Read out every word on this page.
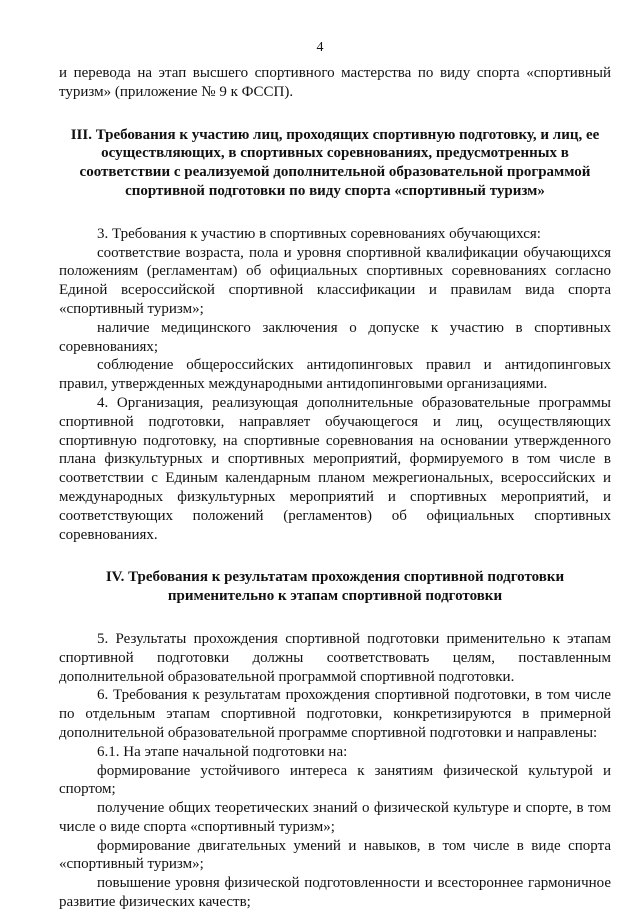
4

и перевода на этап высшего спортивного мастерства по виду спорта «спортивный туризм» (приложение № 9 к ФССП).

III. Требования к участию лиц, проходящих спортивную подготовку, и лиц, ее осуществляющих, в спортивных соревнованиях, предусмотренных в соответствии с реализуемой дополнительной образовательной программой спортивной подготовки по виду спорта «спортивный туризм»

3. Требования к участию в спортивных соревнованиях обучающихся:

соответствие возраста, пола и уровня спортивной квалификации обучающихся положениям (регламентам) об официальных спортивных соревнованиях согласно Единой всероссийской спортивной классификации и правилам вида спорта «спортивный туризм»;

наличие медицинского заключения о допуске к участию в спортивных соревнованиях;

соблюдение общероссийских антидопинговых правил и антидопинговых правил, утвержденных международными антидопинговыми организациями.

4. Организация, реализующая дополнительные образовательные программы спортивной подготовки, направляет обучающегося и лиц, осуществляющих спортивную подготовку, на спортивные соревнования на основании утвержденного плана физкультурных и спортивных мероприятий, формируемого в том числе в соответствии с Единым календарным планом межрегиональных, всероссийских и международных физкультурных мероприятий и спортивных мероприятий, и соответствующих положений (регламентов) об официальных спортивных соревнованиях.

IV. Требования к результатам прохождения спортивной подготовки применительно к этапам спортивной подготовки

5. Результаты прохождения спортивной подготовки применительно к этапам спортивной подготовки должны соответствовать целям, поставленным дополнительной образовательной программой спортивной подготовки.

6. Требования к результатам прохождения спортивной подготовки, в том числе по отдельным этапам спортивной подготовки, конкретизируются в примерной дополнительной образовательной программе спортивной подготовки и направлены:

6.1. На этапе начальной подготовки на:

формирование устойчивого интереса к занятиям физической культурой и спортом;

получение общих теоретических знаний о физической культуре и спорте, в том числе о виде спорта «спортивный туризм»;

формирование двигательных умений и навыков, в том числе в виде спорта «спортивный туризм»;

повышение уровня физической подготовленности и всестороннее гармоничное развитие физических качеств;
